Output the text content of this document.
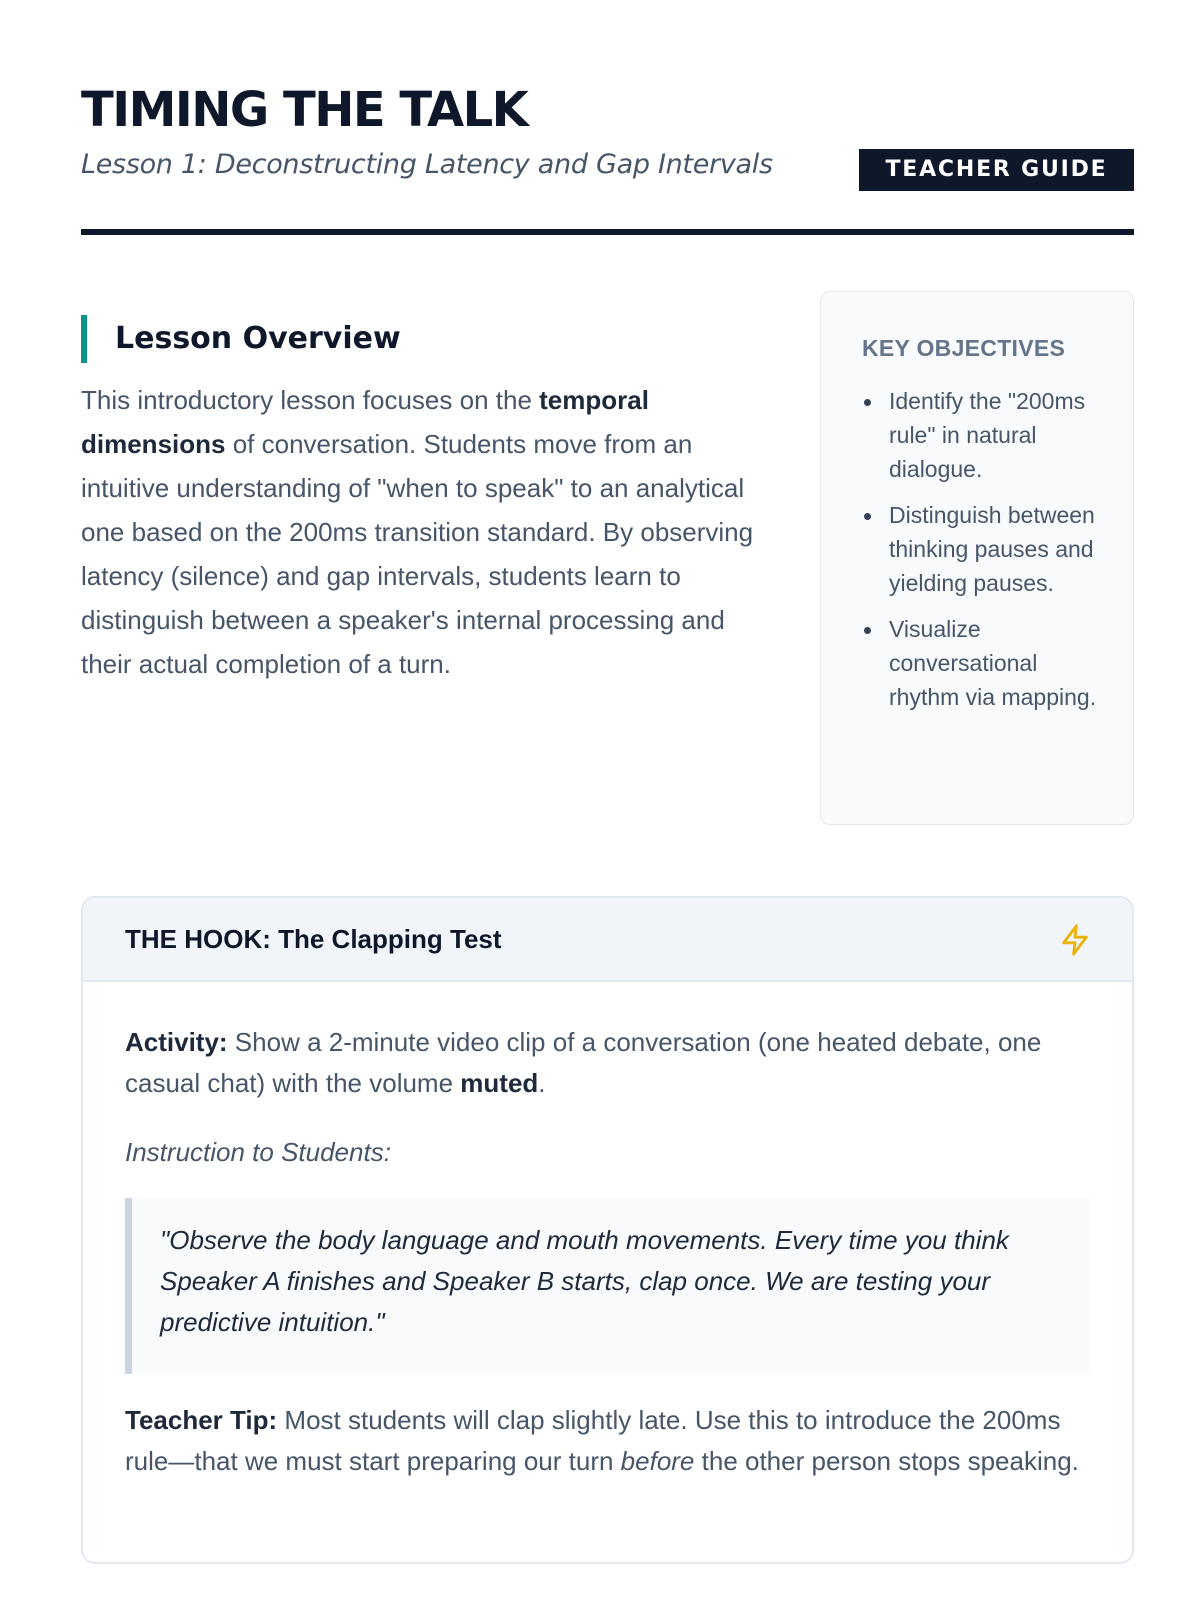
TIMING THE TALK

Lesson 1: Deconstructing Latency and Gap Intervals	TEACHER GUIDE
Lesson Overview

This introductory lesson focuses on the temporal dimensions of conversation. Students move from an intuitive understanding of "when to speak" to an analytical one based on the 200ms transition standard. By observing latency (silence) and gap intervals, students learn to distinguish between a speaker's internal processing and their actual completion of a turn.

KEY OBJECTIVES
Identify the "200ms rule" in natural dialogue.
Distinguish between thinking pauses and yielding pauses.
Visualize conversational rhythm via mapping.
THE HOOK: The Clapping Test

Activity: Show a 2-minute video clip of a conversation (one heated debate, one casual chat) with the volume muted.

Instruction to Students:

"Observe the body language and mouth movements. Every time you think Speaker A finishes and Speaker B starts, clap once. We are testing your predictive intuition."

Teacher Tip: Most students will clap slightly late. Use this to introduce the 200ms rule—that we must start preparing our turn before the other person stops speaking.
